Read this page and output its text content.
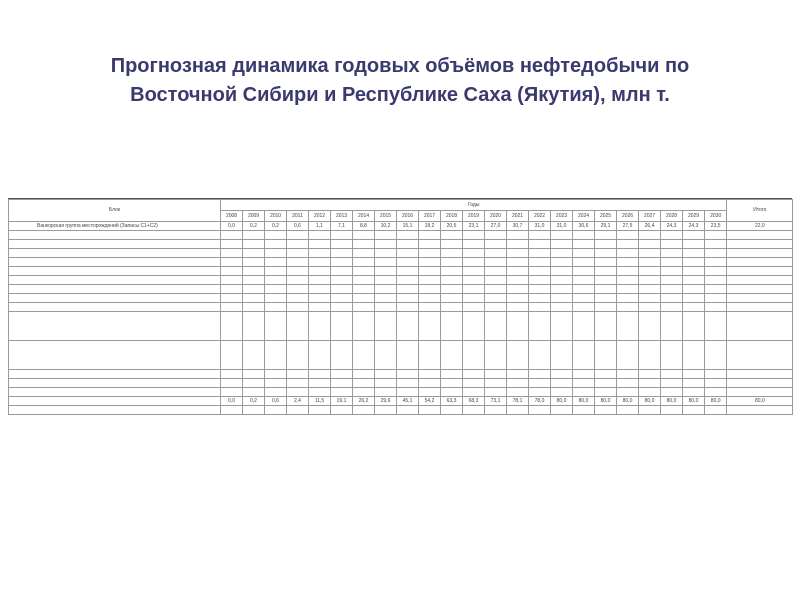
Прогнозная динамика годовых объёмов нефтедобычи по
Восточной Сибири и Республике Саха (Якутия), млн т.
Блок	Годы																							Итого	
	2008	2009	2010	2011	2012	2013	2014	2015	2016	2017	2018	2019	2020	2021	2022	2023	2024	2025	2026	2027	2028	2029	2030		
Ванкорская группа месторождений (Запасы С1+С2)	0,0	0,2	0,2	0,6	1,1	7,1	8,8	10,2	15,1	18,2	20,5	23,1	27,0	30,7	31,0	31,0	30,6	29,1	27,5	26,4	24,3	24,3	23,5	22,0			

	0,0	0,2	0,6	2,4	11,5	19,1	26,2	29,6	45,1	54,2	63,3	68,3	73,1	78,1	78,0	80,0	80,0	80,0	80,0	80,0	80,0	80,0	80,0	80,0			
